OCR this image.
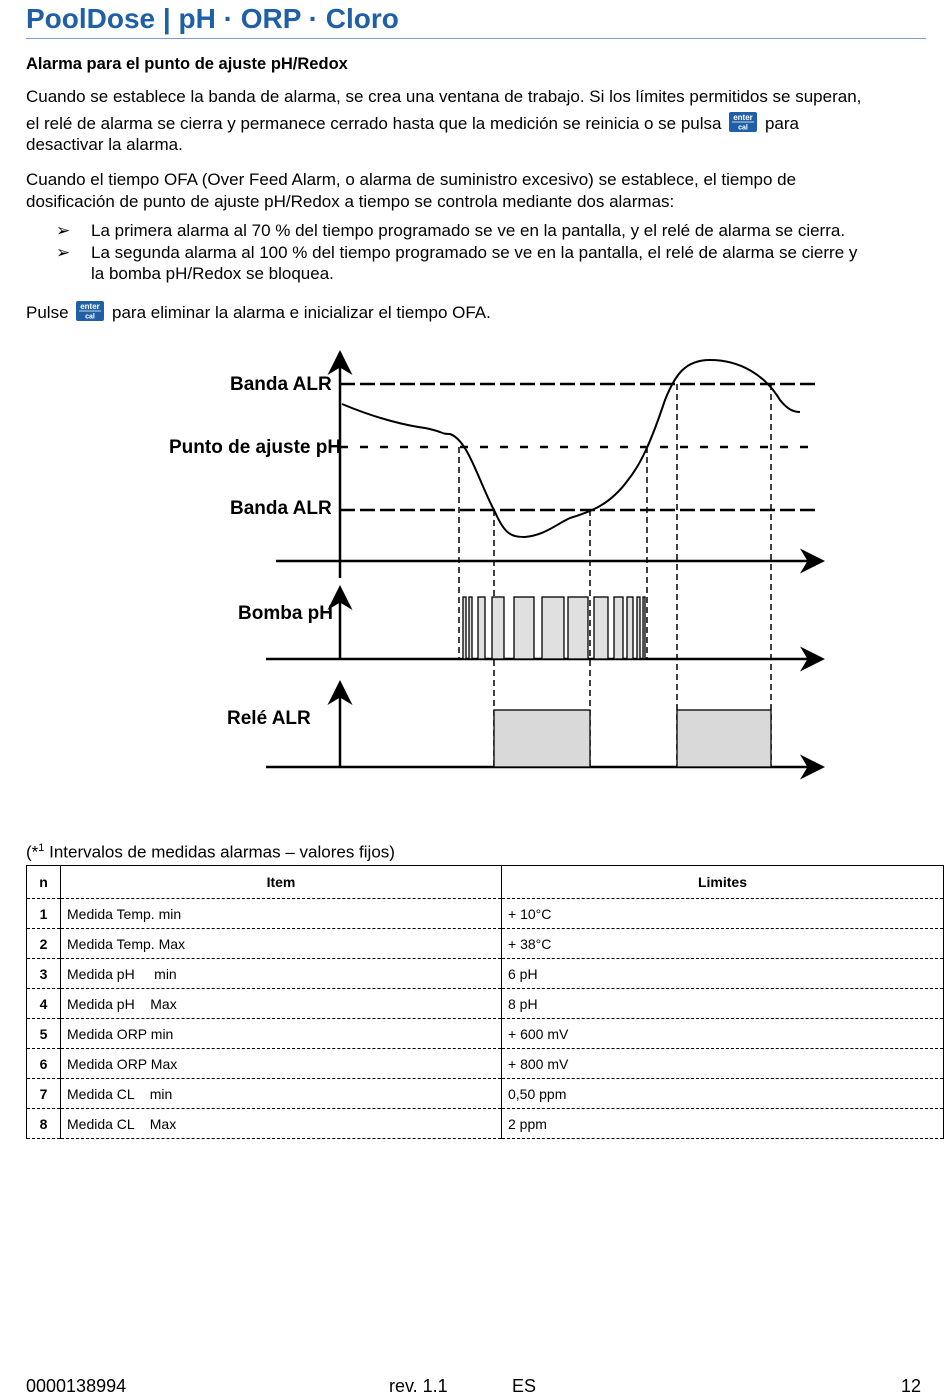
PoolDose | pH · ORP · Cloro
Alarma para el punto de ajuste pH/Redox
Cuando se establece la banda de alarma, se crea una ventana de trabajo. Si los límites permitidos se superan,
el relé de alarma se cierra y permanece cerrado hasta que la medición se reinicia o se pulsa enter
cal para
desactivar la alarma.
Cuando el tiempo OFA (Over Feed Alarm, o alarma de suministro excesivo) se establece, el tiempo de
dosificación de punto de ajuste pH/Redox a tiempo se controla mediante dos alarmas:
➢ La primera alarma al 70 % del tiempo programado se ve en la pantalla, y el relé de alarma se cierra.
➢ La segunda alarma al 100 % del tiempo programado se ve en la pantalla, el relé de alarma se cierre y
la bomba pH/Redox se bloquea.
Pulse enter
cal para eliminar la alarma e inicializar el tiempo OFA.
Banda ALR
Punto de ajuste pH
Banda ALR
Bomba pH
Relé ALR
(*$^1$ Intervalos de medidas alarmas – valores fijos)
n	Item	Limites
1	Medida Temp. min	+ 10°C
2	Medida Temp. Max	+ 38°C
3	Medida pH     min	6 pH
4	Medida pH    Max	8 pH
5	Medida ORP min	+ 600 mV
6	Medida ORP Max	+ 800 mV
7	Medida CL    min	0,50 ppm
8	Medida CL    Max	2 ppm
0000138994	rev. 1.1	ES	12
